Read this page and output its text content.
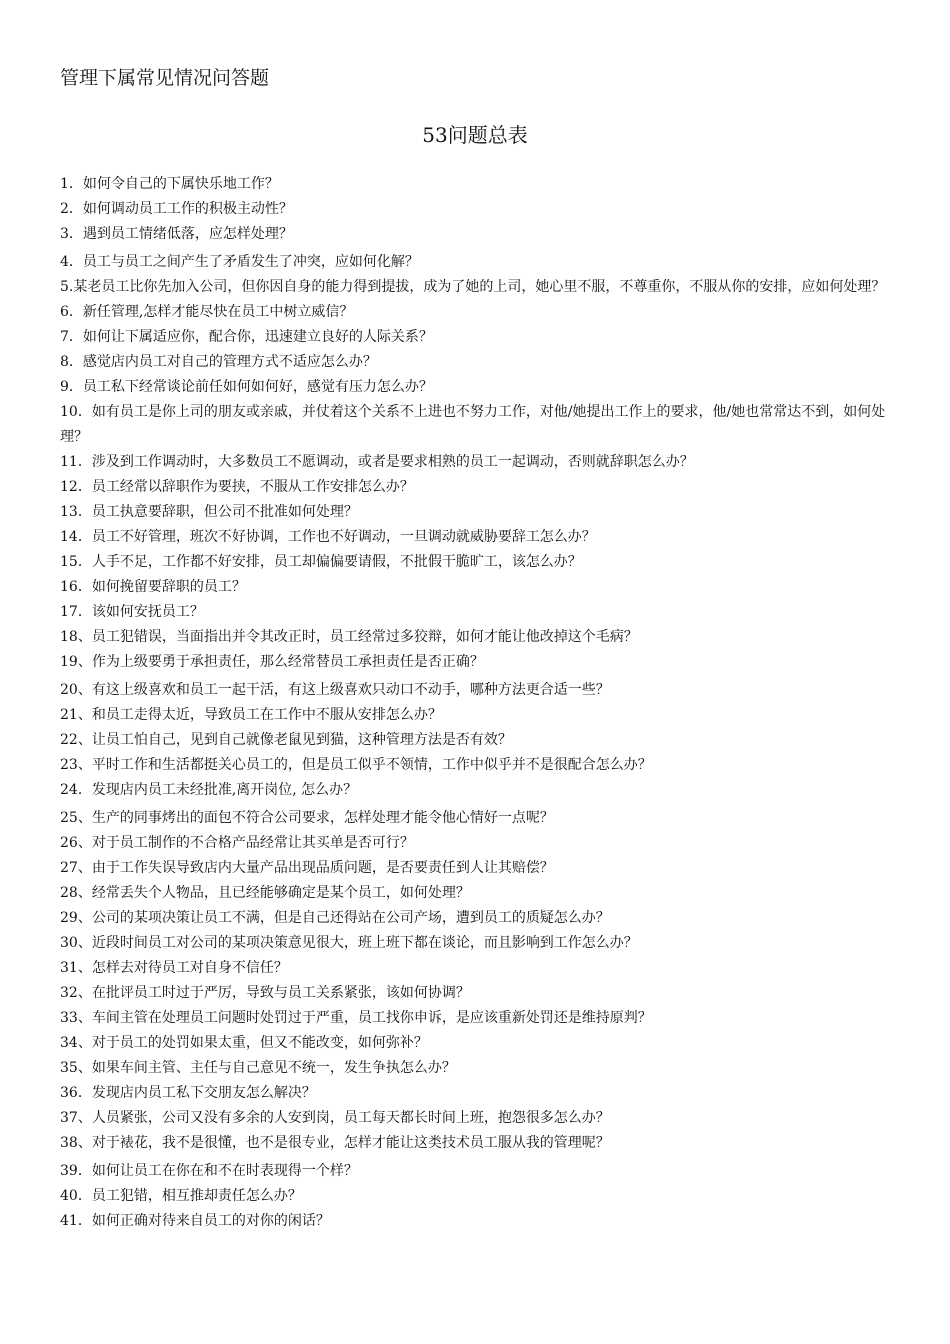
管理下属常见情况问答题
53问题总表
1．如何令自己的下属快乐地工作？
2．如何调动员工工作的积极主动性？
3．遇到员工情绪低落，应怎样处理？
4．员工与员工之间产生了矛盾发生了冲突，应如何化解？
5.某老员工比你先加入公司，但你因自身的能力得到提拔，成为了她的上司，她心里不服，不尊重你，不服从你的安排，应如何处理？
6．新任管理,怎样才能尽快在员工中树立威信？
7．如何让下属适应你，配合你，迅速建立良好的人际关系？
8．感觉店内员工对自己的管理方式不适应怎么办？
9．员工私下经常谈论前任如何如何好，感觉有压力怎么办？
10．如有员工是你上司的朋友或亲戚，并仗着这个关系不上进也不努力工作，对他/她提出工作上的要求，他/她也常常达不到，如何处理？
11．涉及到工作调动时，大多数员工不愿调动，或者是要求相熟的员工一起调动，否则就辞职怎么办？
12．员工经常以辞职作为要挟，不服从工作安排怎么办？
13．员工执意要辞职，但公司不批准如何处理？
14．员工不好管理，班次不好协调，工作也不好调动，一旦调动就威胁要辞工怎么办？
15．人手不足，工作都不好安排，员工却偏偏要请假，不批假干脆旷工，该怎么办？
16．如何挽留要辞职的员工？
17．该如何安抚员工？
18、员工犯错误，当面指出并令其改正时，员工经常过多狡辩，如何才能让他改掉这个毛病？
19、作为上级要勇于承担责任，那么经常替员工承担责任是否正确？
20、有这上级喜欢和员工一起干活，有这上级喜欢只动口不动手，哪种方法更合适一些？
21、和员工走得太近，导致员工在工作中不服从安排怎么办？
22、让员工怕自己，见到自己就像老鼠见到猫，这种管理方法是否有效？
23、平时工作和生活都挺关心员工的，但是员工似乎不领情，工作中似乎并不是很配合怎么办？
24．发现店内员工未经批准,离开岗位, 怎么办？
25、生产的同事烤出的面包不符合公司要求，怎样处理才能令他心情好一点呢？
26、对于员工制作的不合格产品经常让其买单是否可行？
27、由于工作失误导致店内大量产品出现品质问题，是否要责任到人让其赔偿？
28、经常丢失个人物品，且已经能够确定是某个员工，如何处理？
29、公司的某项决策让员工不满，但是自己还得站在公司产场，遭到员工的质疑怎么办？
30、近段时间员工对公司的某项决策意见很大，班上班下都在谈论，而且影响到工作怎么办？
31、怎样去对待员工对自身不信任？
32、在批评员工时过于严厉，导致与员工关系紧张，该如何协调？
33、车间主管在处理员工问题时处罚过于严重，员工找你申诉，是应该重新处罚还是维持原判？
34、对于员工的处罚如果太重，但又不能改变，如何弥补？
35、如果车间主管、主任与自己意见不统一，发生争执怎么办？
36．发现店内员工私下交朋友怎么解决？
37、人员紧张，公司又没有多余的人安到岗，员工每天都长时间上班，抱怨很多怎么办？
38、对于裱花，我不是很懂，也不是很专业，怎样才能让这类技术员工服从我的管理呢？
39．如何让员工在你在和不在时表现得一个样？
40．员工犯错，相互推却责任怎么办？
41．如何正确对待来自员工的对你的闲话？
